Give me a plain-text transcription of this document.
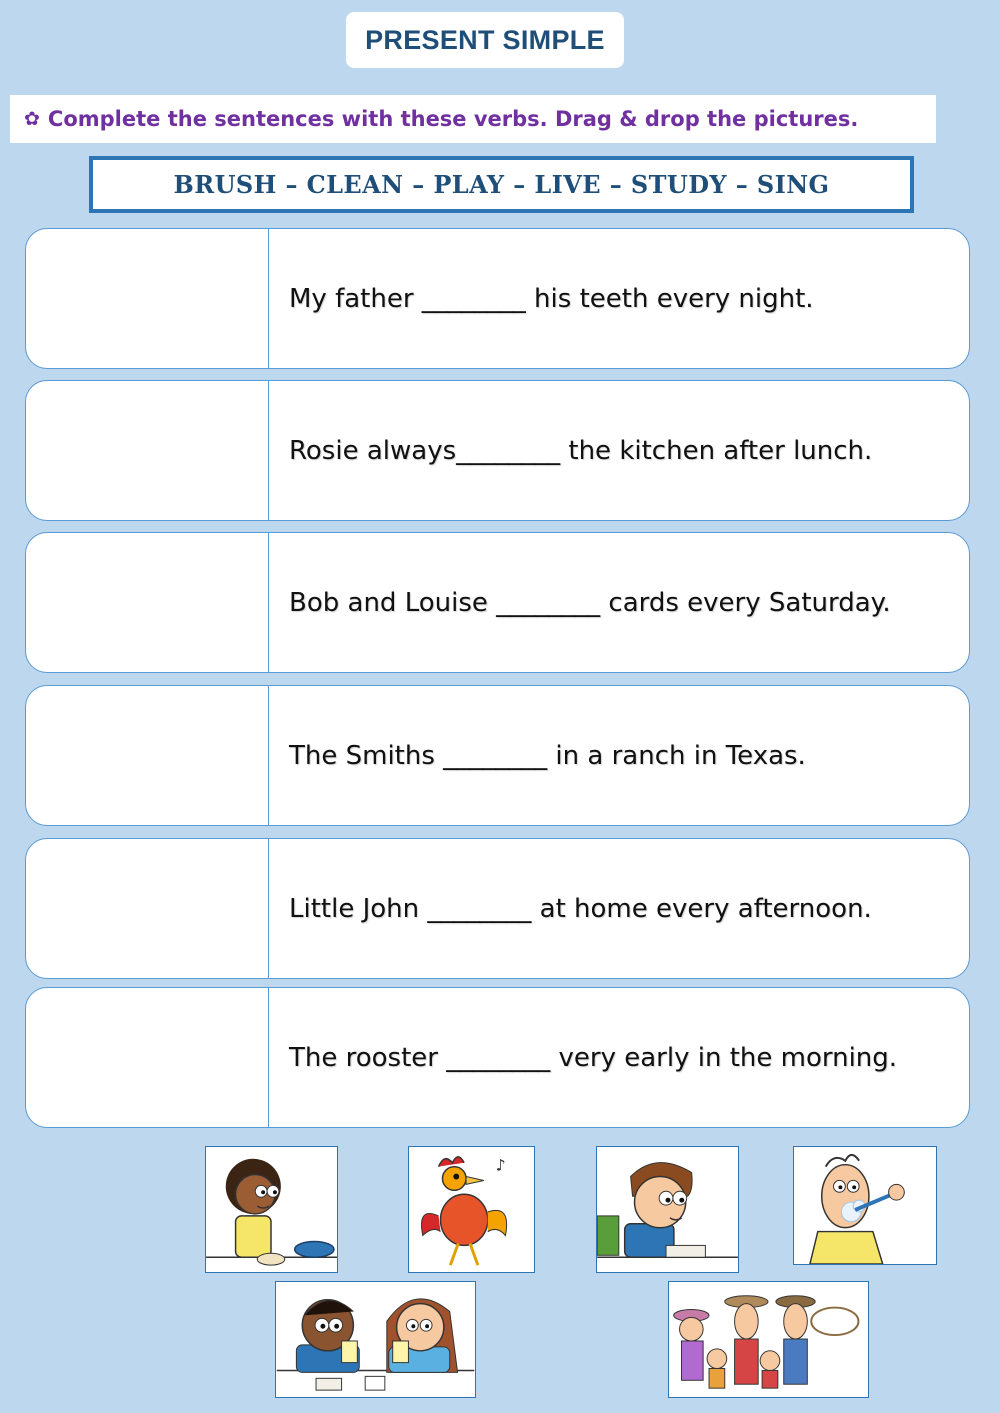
PRESENT SIMPLE
✿ Complete the sentences with these verbs. Drag & drop the pictures.
BRUSH – CLEAN – PLAY – LIVE – STUDY – SING
My father ________ his teeth every night.
Rosie always________ the kitchen after lunch.
Bob and Louise ________ cards every Saturday.
The Smiths ________ in a ranch in Texas.
Little John ________ at home every afternoon.
The rooster ________ very early in the morning.
♪
